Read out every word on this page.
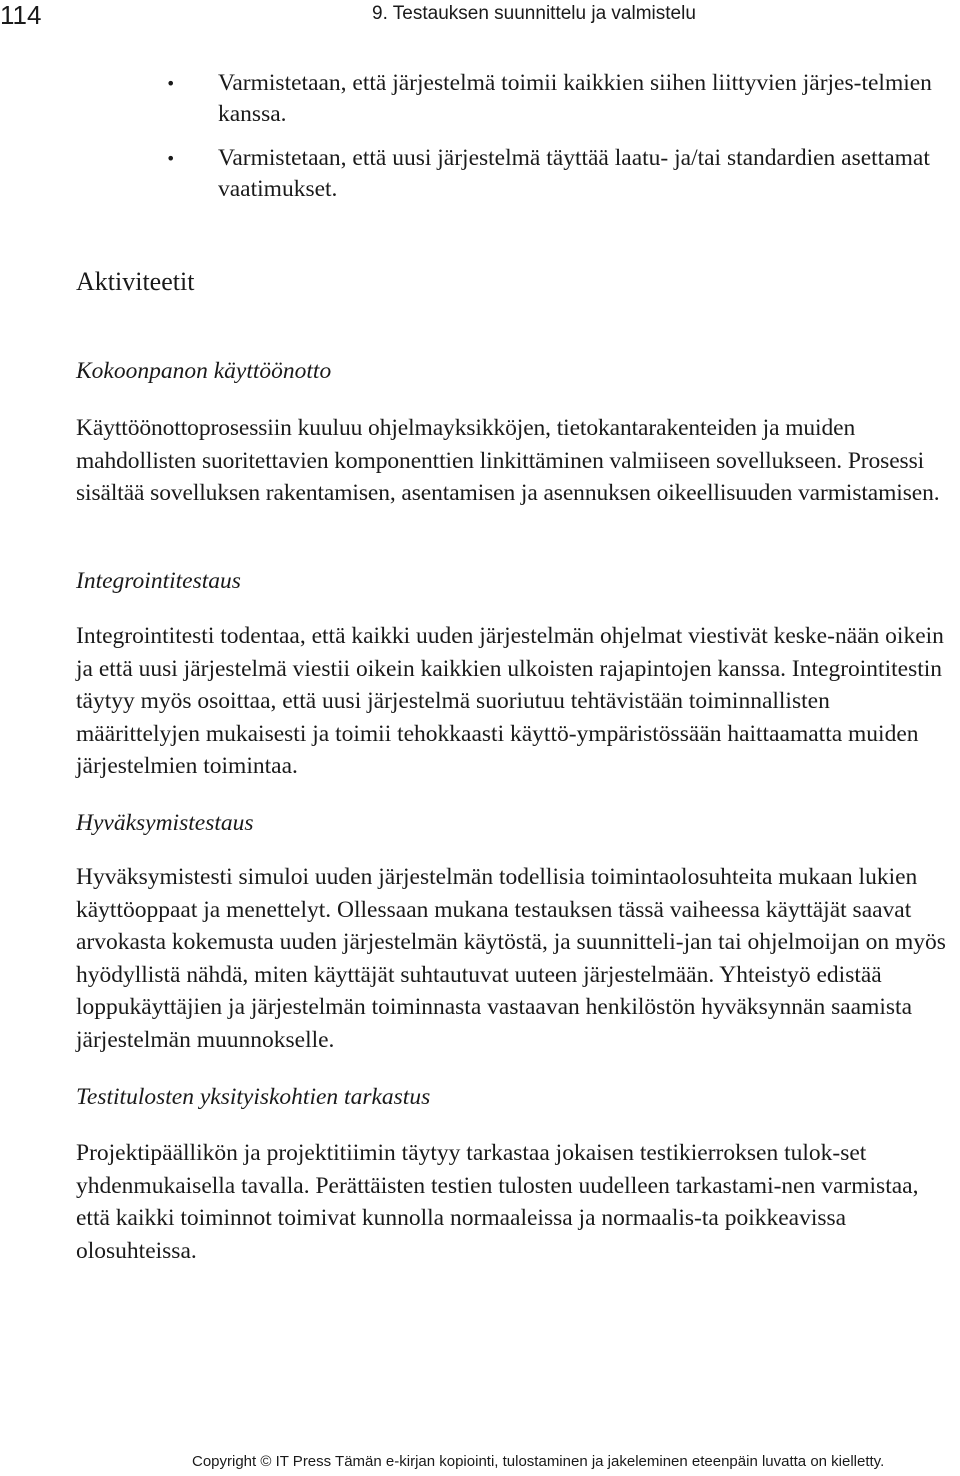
114	9. Testauksen suunnittelu ja valmistelu
• Varmistetaan, että järjestelmä toimii kaikkien siihen liittyvien järjes-telmien kanssa.
• Varmistetaan, että uusi järjestelmä täyttää laatu- ja/tai standardien asettamat vaatimukset.
Aktiviteetit
Kokoonpanon käyttöönotto

Käyttöönottoprosessiin kuuluu ohjelmayksikköjen, tietokantarakenteiden ja muiden mahdollisten suoritettavien komponenttien linkittäminen valmiiseen sovellukseen. Prosessi sisältää sovelluksen rakentamisen, asentamisen ja asennuksen oikeellisuuden varmistamisen.

Integrointitestaus

Integrointitesti todentaa, että kaikki uuden järjestelmän ohjelmat viestivät keske-nään oikein ja että uusi järjestelmä viestii oikein kaikkien ulkoisten rajapintojen kanssa. Integrointitestin täytyy myös osoittaa, että uusi järjestelmä suoriutuu tehtävistään toiminnallisten määrittelyjen mukaisesti ja toimii tehokkaasti käyttö-ympäristössään haittaamatta muiden järjestelmien toimintaa.

Hyväksymistestaus

Hyväksymistesti simuloi uuden järjestelmän todellisia toimintaolosuhteita mukaan lukien käyttöoppaat ja menettelyt. Ollessaan mukana testauksen tässä vaiheessa käyttäjät saavat arvokasta kokemusta uuden järjestelmän käytöstä, ja suunnitteli-jan tai ohjelmoijan on myös hyödyllistä nähdä, miten käyttäjät suhtautuvat uuteen järjestelmään. Yhteistyö edistää loppukäyttäjien ja järjestelmän toiminnasta vastaavan henkilöstön hyväksynnän saamista järjestelmän muunnokselle.

Testitulosten yksityiskohtien tarkastus

Projektipäällikön ja projektitiimin täytyy tarkastaa jokaisen testikierroksen tulok-set yhdenmukaisella tavalla. Perättäisten testien tulosten uudelleen tarkastami-nen varmistaa, että kaikki toiminnot toimivat kunnolla normaaleissa ja normaalis-ta poikkeavissa olosuhteissa.

Copyright © IT Press Tämän e-kirjan kopiointi, tulostaminen ja jakeleminen eteenpäin luvatta on kielletty.
